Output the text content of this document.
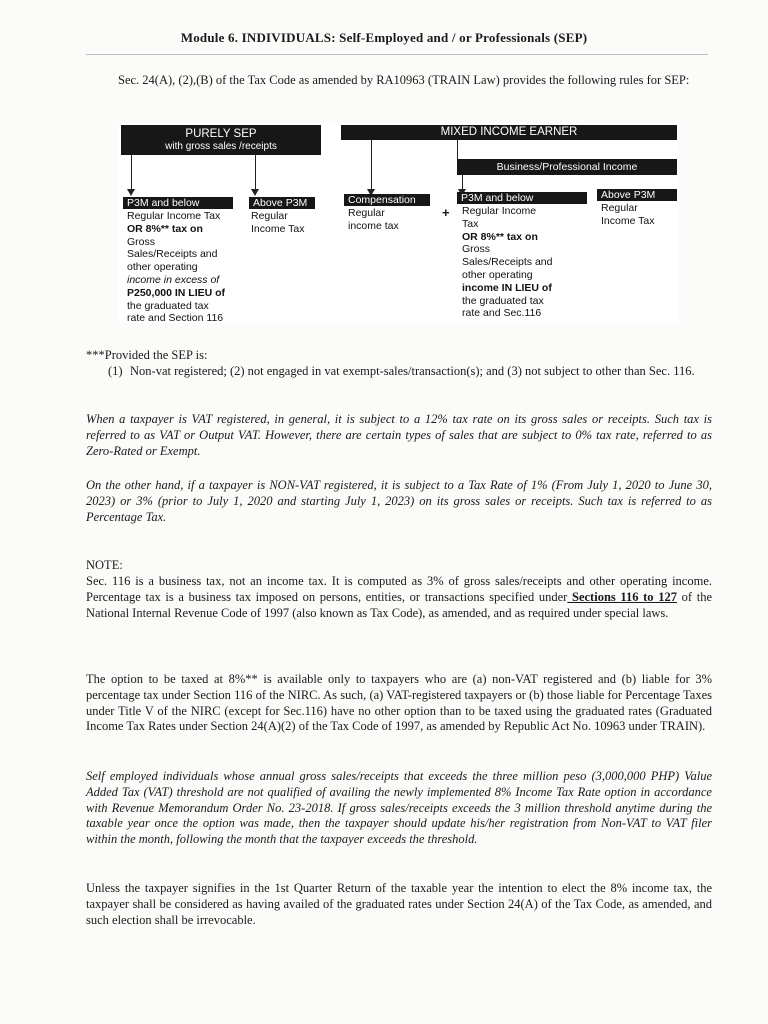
Module 6. INDIVIDUALS: Self-Employed and / or Professionals (SEP)
Sec. 24(A), (2),(B) of the Tax Code as amended by RA10963 (TRAIN Law) provides the following rules for SEP:
PURELY SEP
with gross sales /receipts
MIXED INCOME EARNER
Business/Professional Income
P3M and below
Regular Income Tax
OR 8%** tax on
Gross
Sales/Receipts and
other operating
income in excess of
P250,000 IN LIEU of
the graduated tax
rate and Section 116
Above P3M
Regular
Income Tax
Compensation
Regular
income tax
+
P3M and below
Regular Income
Tax
OR 8%** tax on
Gross
Sales/Receipts and
other operating
income IN LIEU of
the graduated tax
rate and Sec.116
Above P3M
Regular
Income Tax
***Provided the SEP is:
(1) Non-vat registered; (2) not engaged in vat exempt-sales/transaction(s); and (3) not subject to other than Sec. 116.
When a taxpayer is VAT registered, in general, it is subject to a 12% tax rate on its gross sales or receipts. Such tax is referred to as VAT or Output VAT. However, there are certain types of sales that are subject to 0% tax rate, referred to as Zero-Rated or Exempt.
On the other hand, if a taxpayer is NON-VAT registered, it is subject to a Tax Rate of 1% (From July 1, 2020 to June 30, 2023) or 3% (prior to July 1, 2020 and starting July 1, 2023) on its gross sales or receipts. Such tax is referred to as Percentage Tax.
NOTE:
Sec. 116 is a business tax, not an income tax. It is computed as 3% of gross sales/receipts and other operating income. Percentage tax is a business tax imposed on persons, entities, or transactions specified under Sections 116 to 127 of the National Internal Revenue Code of 1997 (also known as Tax Code), as amended, and as required under special laws.
The option to be taxed at 8%** is available only to taxpayers who are (a) non-VAT registered and (b) liable for 3% percentage tax under Section 116 of the NIRC. As such, (a) VAT-registered taxpayers or (b) those liable for Percentage Taxes under Title V of the NIRC (except for Sec.116) have no other option than to be taxed using the graduated rates (Graduated Income Tax Rates under Section 24(A)(2) of the Tax Code of 1997, as amended by Republic Act No. 10963 under TRAIN).
Self employed individuals whose annual gross sales/receipts that exceeds the three million peso (3,000,000 PHP) Value Added Tax (VAT) threshold are not qualified of availing the newly implemented 8% Income Tax Rate option in accordance with Revenue Memorandum Order No. 23-2018. If gross sales/receipts exceeds the 3 million threshold anytime during the taxable year once the option was made, then the taxpayer should update his/her registration from Non-VAT to VAT filer within the month, following the month that the taxpayer exceeds the threshold.
Unless the taxpayer signifies in the 1st Quarter Return of the taxable year the intention to elect the 8% income tax, the taxpayer shall be considered as having availed of the graduated rates under Section 24(A) of the Tax Code, as amended, and such election shall be irrevocable.
